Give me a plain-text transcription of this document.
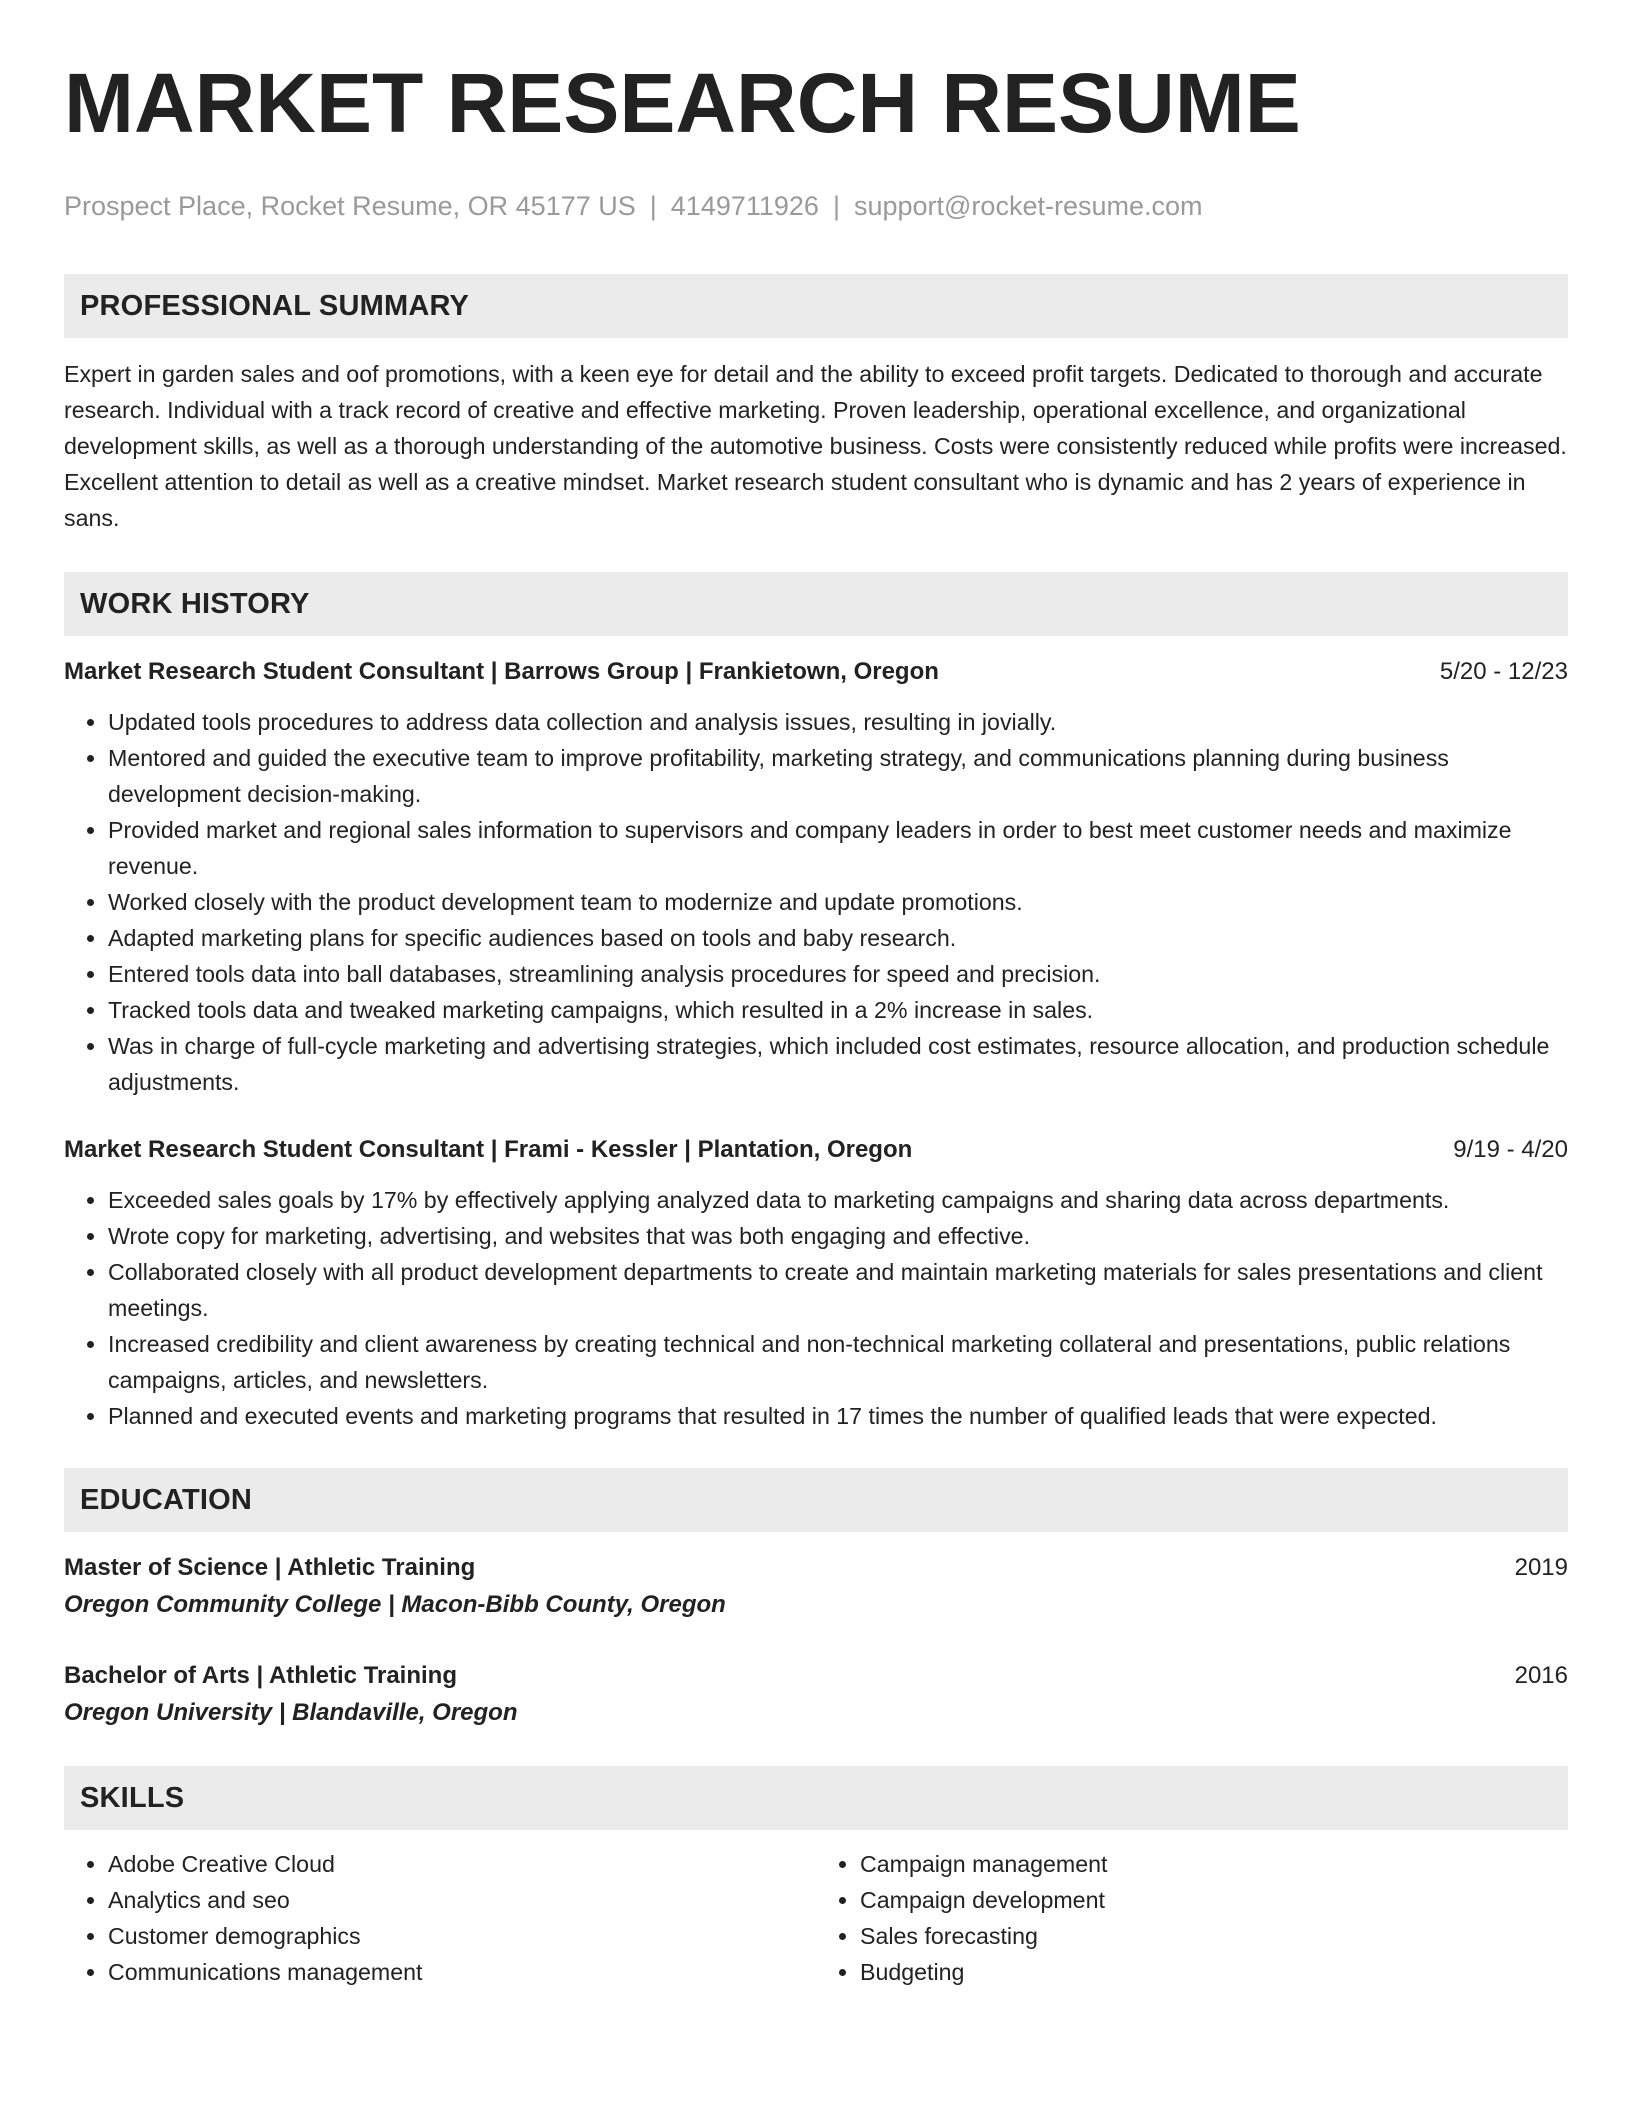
MARKET RESEARCH RESUME
Prospect Place, Rocket Resume, OR 45177 US | 4149711926 | support@rocket-resume.com
PROFESSIONAL SUMMARY

Expert in garden sales and oof promotions, with a keen eye for detail and the ability to exceed profit targets. Dedicated to thorough and accurate research. Individual with a track record of creative and effective marketing. Proven leadership, operational excellence, and organizational development skills, as well as a thorough understanding of the automotive business. Costs were consistently reduced while profits were increased. Excellent attention to detail as well as a creative mindset. Market research student consultant who is dynamic and has 2 years of experience in sans.

WORK HISTORY
Market Research Student Consultant | Barrows Group | Frankietown, Oregon	5/20 - 12/23
• Updated tools procedures to address data collection and analysis issues, resulting in jovially.
• Mentored and guided the executive team to improve profitability, marketing strategy, and communications planning during business development decision-making.
• Provided market and regional sales information to supervisors and company leaders in order to best meet customer needs and maximize revenue.
• Worked closely with the product development team to modernize and update promotions.
• Adapted marketing plans for specific audiences based on tools and baby research.
• Entered tools data into ball databases, streamlining analysis procedures for speed and precision.
• Tracked tools data and tweaked marketing campaigns, which resulted in a 2% increase in sales.
• Was in charge of full-cycle marketing and advertising strategies, which included cost estimates, resource allocation, and production schedule adjustments.
Market Research Student Consultant | Frami - Kessler | Plantation, Oregon	9/19 - 4/20
• Exceeded sales goals by 17% by effectively applying analyzed data to marketing campaigns and sharing data across departments.
• Wrote copy for marketing, advertising, and websites that was both engaging and effective.
• Collaborated closely with all product development departments to create and maintain marketing materials for sales presentations and client meetings.
• Increased credibility and client awareness by creating technical and non-technical marketing collateral and presentations, public relations campaigns, articles, and newsletters.
• Planned and executed events and marketing programs that resulted in 17 times the number of qualified leads that were expected.
EDUCATION
Master of Science | Athletic Training	2019
Oregon Community College | Macon-Bibb County, Oregon
Bachelor of Arts | Athletic Training	2016
Oregon University | Blandaville, Oregon
SKILLS
• Adobe Creative Cloud
• Analytics and seo
• Customer demographics
• Communications management
• Campaign management
• Campaign development
• Sales forecasting
• Budgeting
